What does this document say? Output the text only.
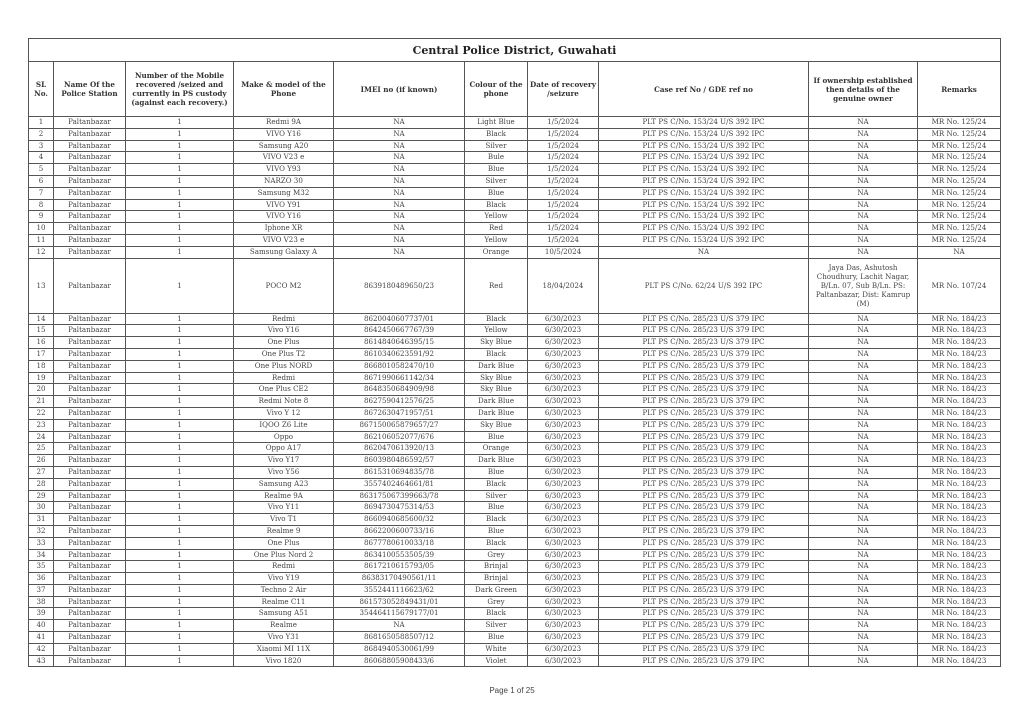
Central Police District, Guwahati									
SL No.	Name Of the Police Station	Number of the Mobile recovered /seized and currently in PS custody (against each recovery.)	Make & model of the Phone	IMEI no (if known)	Colour of the phone	Date of recovery /seizure	Case ref No / GDE ref no	If ownership established then details of the genuine owner	Remarks
1	Paltanbazar	1	Redmi 9A	NA	Light Blue	1/5/2024	PLT PS C/No. 153/24 U/S 392 IPC	NA	MR No. 125/24
2	Paltanbazar	1	VIVO Y16	NA	Black	1/5/2024	PLT PS C/No. 153/24 U/S 392 IPC	NA	MR No. 125/24
3	Paltanbazar	1	Samsung A20	NA	Silver	1/5/2024	PLT PS C/No. 153/24 U/S 392 IPC	NA	MR No. 125/24
4	Paltanbazar	1	VIVO V23 e	NA	Bule	1/5/2024	PLT PS C/No. 153/24 U/S 392 IPC	NA	MR No. 125/24
5	Paltanbazar	1	VIVO Y93	NA	Blue	1/5/2024	PLT PS C/No. 153/24 U/S 392 IPC	NA	MR No. 125/24
6	Paltanbazar	1	NARZO 30	NA	Silver	1/5/2024	PLT PS C/No. 153/24 U/S 392 IPC	NA	MR No. 125/24
7	Paltanbazar	1	Samsung M32	NA	Blue	1/5/2024	PLT PS C/No. 153/24 U/S 392 IPC	NA	MR No. 125/24
8	Paltanbazar	1	VIVO Y91	NA	Black	1/5/2024	PLT PS C/No. 153/24 U/S 392 IPC	NA	MR No. 125/24
9	Paltanbazar	1	VIVO Y16	NA	Yellow	1/5/2024	PLT PS C/No. 153/24 U/S 392 IPC	NA	MR No. 125/24
10	Paltanbazar	1	Iphone XR	NA	Red	1/5/2024	PLT PS C/No. 153/24 U/S 392 IPC	NA	MR No. 125/24
11	Paltanbazar	1	VIVO V23 e	NA	Yellow	1/5/2024	PLT PS C/No. 153/24 U/S 392 IPC	NA	MR No. 125/24
12	Paltanbazar	1	Samsung Galaxy A	NA	Orange	10/5/2024	NA	NA	NA
13	Paltanbazar	1	POCO M2	8639180489650/23	Red	18/04/2024	PLT PS C/No. 62/24 U/S 392 IPC	Jaya Das, Ashutosh Choudhury, Lachit Nagar, B/Ln. 07, Sub B/Ln. PS: Paltanbazar, Dist: Kamrup (M)	MR No. 107/24
14	Paltanbazar	1	Redmi	8620040607737/01	Black	6/30/2023	PLT PS C/No. 285/23 U/S 379 IPC	NA	MR No. 184/23
15	Paltanbazar	1	Vivo Y16	8642450667767/39	Yellow	6/30/2023	PLT PS C/No. 285/23 U/S 379 IPC	NA	MR No. 184/23
16	Paltanbazar	1	One Plus	8614840646395/15	Sky Blue	6/30/2023	PLT PS C/No. 285/23 U/S 379 IPC	NA	MR No. 184/23
17	Paltanbazar	1	One Plus T2	8610340623591/92	Black	6/30/2023	PLT PS C/No. 285/23 U/S 379 IPC	NA	MR No. 184/23
18	Paltanbazar	1	One Plus NORD	8668010582470/10	Dark Blue	6/30/2023	PLT PS C/No. 285/23 U/S 379 IPC	NA	MR No. 184/23
19	Paltanbazar	1	Redmi	8671990661142/34	Sky Blue	6/30/2023	PLT PS C/No. 285/23 U/S 379 IPC	NA	MR No. 184/23
20	Paltanbazar	1	One Plus CE2	8648350684909/98	Sky Blue	6/30/2023	PLT PS C/No. 285/23 U/S 379 IPC	NA	MR No. 184/23
21	Paltanbazar	1	Redmi Note 8	8627590412576/25	Dark Blue	6/30/2023	PLT PS C/No. 285/23 U/S 379 IPC	NA	MR No. 184/23
22	Paltanbazar	1	Vivo Y 12	8672630471957/51	Dark Blue	6/30/2023	PLT PS C/No. 285/23 U/S 379 IPC	NA	MR No. 184/23
23	Paltanbazar	1	IQOO Z6 Lite	867150065879657/27	Sky Blue	6/30/2023	PLT PS C/No. 285/23 U/S 379 IPC	NA	MR No. 184/23
24	Paltanbazar	1	Oppo	862106052077/676	Blue	6/30/2023	PLT PS C/No. 285/23 U/S 379 IPC	NA	MR No. 184/23
25	Paltanbazar	1	Oppo A17	8620470613920/13	Orange	6/30/2023	PLT PS C/No. 285/23 U/S 379 IPC	NA	MR No. 184/23
26	Paltanbazar	1	Vivo Y17	8603980486592/57	Dark Blue	6/30/2023	PLT PS C/No. 285/23 U/S 379 IPC	NA	MR No. 184/23
27	Paltanbazar	1	Vivo Y56	8615310694835/78	Blue	6/30/2023	PLT PS C/No. 285/23 U/S 379 IPC	NA	MR No. 184/23
28	Paltanbazar	1	Samsung A23	3557402464661/81	Black	6/30/2023	PLT PS C/No. 285/23 U/S 379 IPC	NA	MR No. 184/23
29	Paltanbazar	1	Realme 9A	863175067399663/78	Silver	6/30/2023	PLT PS C/No. 285/23 U/S 379 IPC	NA	MR No. 184/23
30	Paltanbazar	1	Vivo Y11	8694730475314/53	Blue	6/30/2023	PLT PS C/No. 285/23 U/S 379 IPC	NA	MR No. 184/23
31	Paltanbazar	1	Vivo T1	8660940685600/32	Black	6/30/2023	PLT PS C/No. 285/23 U/S 379 IPC	NA	MR No. 184/23
32	Paltanbazar	1	Realme 9	8662200600733/16	Blue	6/30/2023	PLT PS C/No. 285/23 U/S 379 IPC	NA	MR No. 184/23
33	Paltanbazar	1	One Plus	8677780610033/18	Black	6/30/2023	PLT PS C/No. 285/23 U/S 379 IPC	NA	MR No. 184/23
34	Paltanbazar	1	One Plus Nord 2	8634100553505/39	Grey	6/30/2023	PLT PS C/No. 285/23 U/S 379 IPC	NA	MR No. 184/23
35	Paltanbazar	1	Redmi	8617210615793/05	Brinjal	6/30/2023	PLT PS C/No. 285/23 U/S 379 IPC	NA	MR No. 184/23
36	Paltanbazar	1	Vivo Y19	86383170490561/11	Brinjal	6/30/2023	PLT PS C/No. 285/23 U/S 379 IPC	NA	MR No. 184/23
37	Paltanbazar	1	Techno 2 Air	3552441116623/62	Dark Green	6/30/2023	PLT PS C/No. 285/23 U/S 379 IPC	NA	MR No. 184/23
38	Paltanbazar	1	Realme C11	861573052849431/01	Grey	6/30/2023	PLT PS C/No. 285/23 U/S 379 IPC	NA	MR No. 184/23
39	Paltanbazar	1	Samsung A51	354464115679177/01	Black	6/30/2023	PLT PS C/No. 285/23 U/S 379 IPC	NA	MR No. 184/23
40	Paltanbazar	1	Realme	NA	Silver	6/30/2023	PLT PS C/No. 285/23 U/S 379 IPC	NA	MR No. 184/23
41	Paltanbazar	1	Vivo Y31	8681650588507/12	Blue	6/30/2023	PLT PS C/No. 285/23 U/S 379 IPC	NA	MR No. 184/23
42	Paltanbazar	1	Xiaomi MI 11X	8684940530061/99	White	6/30/2023	PLT PS C/No. 285/23 U/S 379 IPC	NA	MR No. 184/23
43	Paltanbazar	1	Vivo 1820	86068805908433/6	Violet	6/30/2023	PLT PS C/No. 285/23 U/S 379 IPC	NA	MR No. 184/23
Page 1 of 25
